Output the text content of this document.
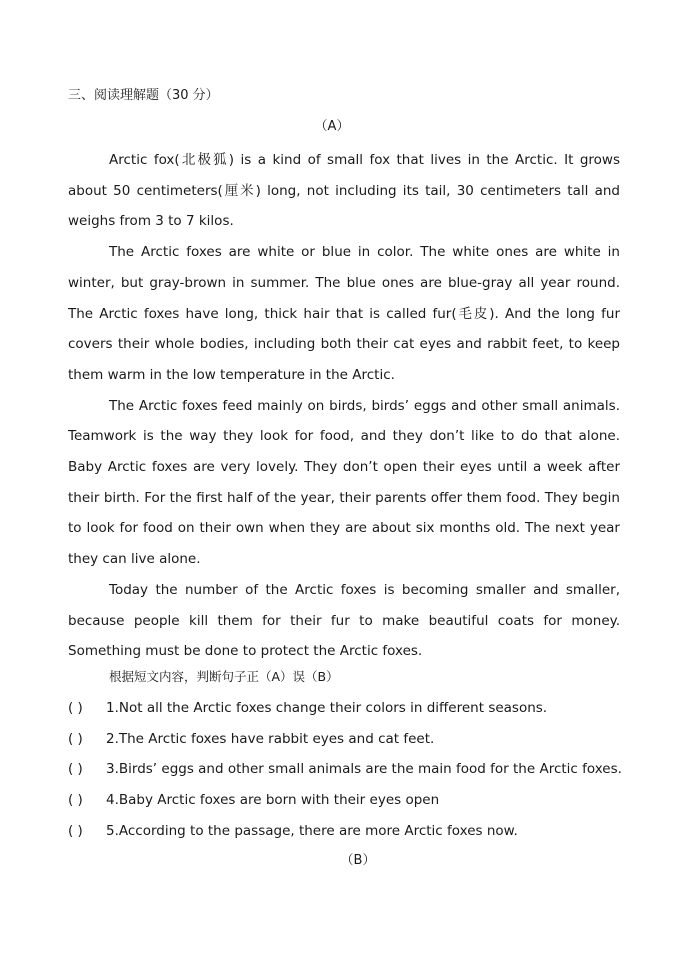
三、阅读理解题（30 分）
（A）

Arctic fox(北极狐) is a kind of small fox that lives in the Arctic. It grows about 50 centimeters(厘米) long, not including its tail, 30 centimeters tall and weighs from 3 to 7 kilos.

The Arctic foxes are white or blue in color. The white ones are white in winter, but gray-brown in summer. The blue ones are blue-gray all year round. The Arctic foxes have long, thick hair that is called fur(毛皮). And the long fur covers their whole bodies, including both their cat eyes and rabbit feet, to keep them warm in the low temperature in the Arctic.

The Arctic foxes feed mainly on birds, birds’ eggs and other small animals. Teamwork is the way they look for food, and they don’t like to do that alone. Baby Arctic foxes are very lovely. They don’t open their eyes until a week after their birth. For the first half of the year, their parents offer them food. They begin to look for food on their own when they are about six months old. The next year they can live alone.

Today the number of the Arctic foxes is becoming smaller and smaller, because people kill them for their fur to make beautiful coats for money. Something must be done to protect the Arctic foxes.

根据短文内容，判断句子正（A）误（B）
( ) 1.Not all the Arctic foxes change their colors in different seasons.
( ) 2.The Arctic foxes have rabbit eyes and cat feet.
( ) 3.Birds’ eggs and other small animals are the main food for the Arctic foxes.
( ) 4.Baby Arctic foxes are born with their eyes open
( ) 5.According to the passage, there are more Arctic foxes now.
（B）
